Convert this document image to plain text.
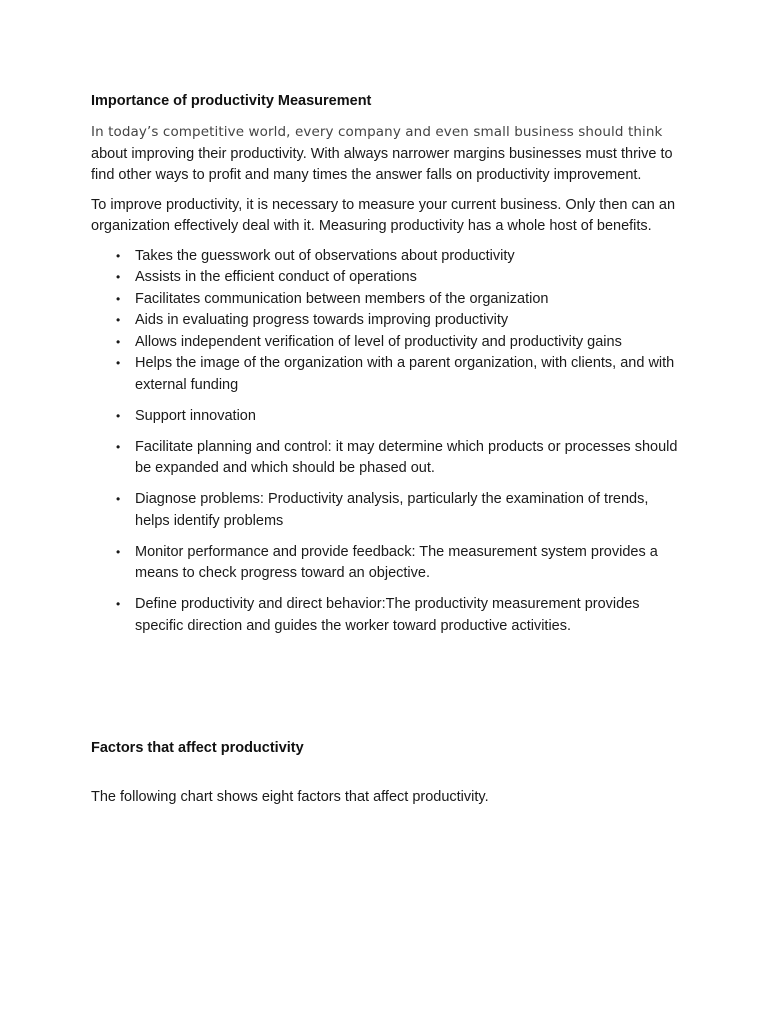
Importance of productivity Measurement

In today’s competitive world, every company and even small business should think
about improving their productivity. With always narrower margins businesses must thrive to find other ways to profit and many times the answer falls on productivity improvement.

To improve productivity, it is necessary to measure your current business. Only then can an organization effectively deal with it. Measuring productivity has a whole host of benefits.

• Takes the guesswork out of observations about productivity
• Assists in the efficient conduct of operations
• Facilitates communication between members of the organization
• Aids in evaluating progress towards improving productivity
• Allows independent verification of level of productivity and productivity gains
• Helps the image of the organization with a parent organization, with clients, and with external funding
• Support innovation
• Facilitate planning and control: it may determine which products or processes should be expanded and which should be phased out.
• Diagnose problems: Productivity analysis, particularly the examination of trends, helps identify problems
• Monitor performance and provide feedback: The measurement system provides a means to check progress toward an objective.
• Define productivity and direct behavior:The productivity measurement provides specific direction and guides the worker toward productive activities.

Factors that affect productivity

The following chart shows eight factors that affect productivity.
